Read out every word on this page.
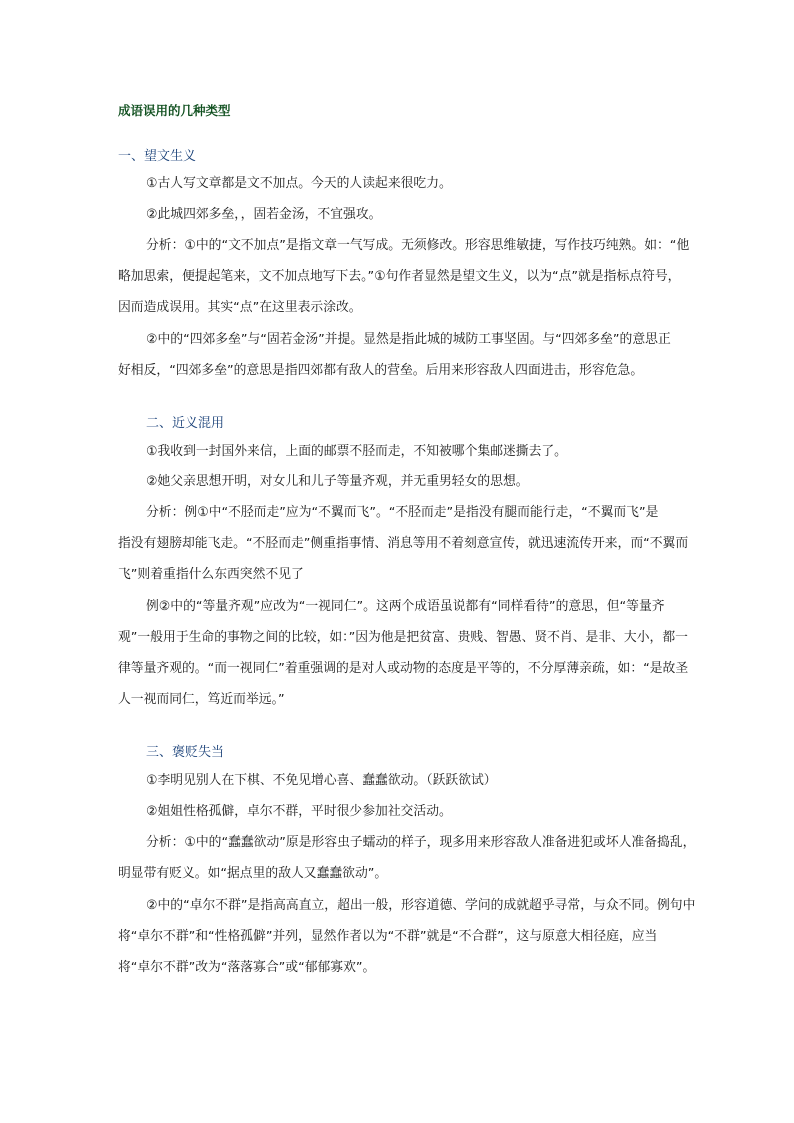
成语误用的几种类型
一、望文生义
①古人写文章都是文不加点。今天的人读起来很吃力。
②此城四郊多垒，，固若金汤，不宜强攻。
分析：①中的“文不加点”是指文章一气写成。无须修改。形容思维敏捷，写作技巧纯熟。如：“他
略加思索，便提起笔来，文不加点地写下去。”①句作者显然是望文生义，以为“点”就是指标点符号，
因而造成误用。其实“点”在这里表示涂改。
②中的“四郊多垒”与“固若金汤”并提。显然是指此城的城防工事坚固。与“四郊多垒”的意思正
好相反，“四郊多垒”的意思是指四郊都有敌人的营垒。后用来形容敌人四面进击，形容危急。
二、近义混用
①我收到一封国外来信，上面的邮票不胫而走，不知被哪个集邮迷撕去了。
②她父亲思想开明，对女儿和儿子等量齐观，并无重男轻女的思想。
分析：例①中“不胫而走”应为“不翼而飞”。“不胫而走”是指没有腿而能行走，“不翼而飞”是
指没有翅膀却能飞走。“不胫而走”侧重指事情、消息等用不着刻意宣传，就迅速流传开来，而“不翼而
飞”则着重指什么东西突然不见了
例②中的“等量齐观”应改为“一视同仁”。这两个成语虽说都有“同样看待”的意思，但“等量齐
观”一般用于生命的事物之间的比较，如：”因为他是把贫富、贵贱、智愚、贤不肖、是非、大小，都一
律等量齐观的。“而一视同仁”着重强调的是对人或动物的态度是平等的，不分厚薄亲疏，如：“是故圣
人一视而同仁，笃近而举远。”
三、褒贬失当
①李明见别人在下棋、不免见增心喜、蠢蠢欲动。（跃跃欲试）
②姐姐性格孤僻，卓尔不群，平时很少参加社交活动。
分析：①中的“蠢蠢欲动”原是形容虫子蠕动的样子，现多用来形容敌人准备进犯或坏人准备捣乱，
明显带有贬义。如“据点里的敌人又蠢蠢欲动”。
②中的“卓尔不群”是指高高直立，超出一般，形容道德、学问的成就超乎寻常，与众不同。例句中
将“卓尔不群”和“性格孤僻”并列，显然作者以为“不群”就是“不合群”，这与原意大相径庭，应当
将“卓尔不群”改为“落落寡合”或“郁郁寡欢”。
